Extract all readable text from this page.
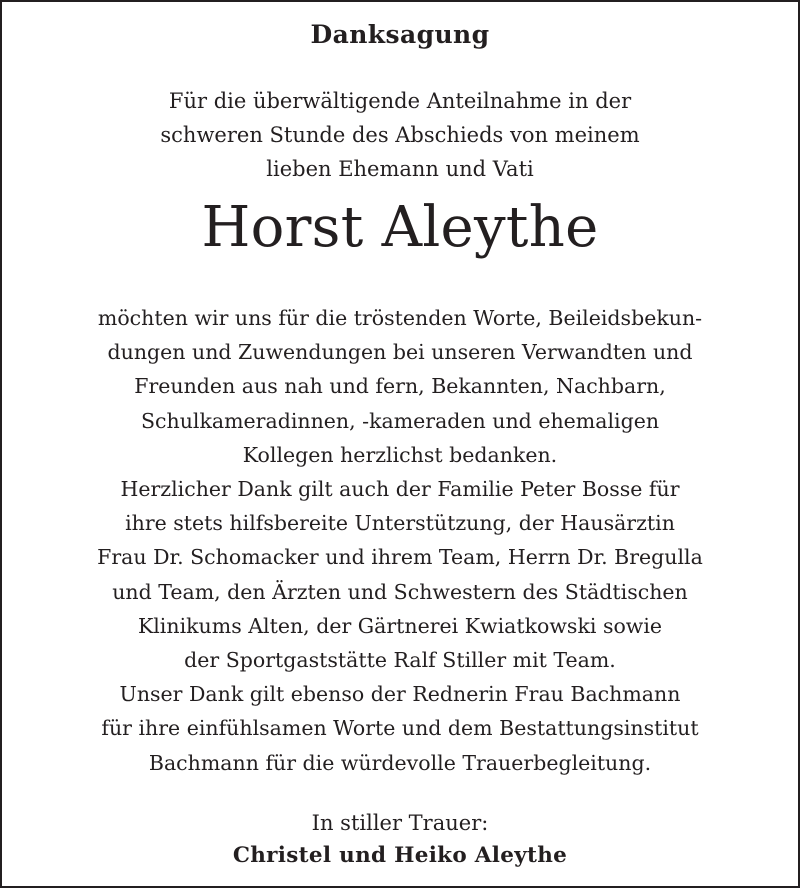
Danksagung
Für die überwältigende Anteilnahme in der
schweren Stunde des Abschieds von meinem
lieben Ehemann und Vati
Horst Aleythe
möchten wir uns für die tröstenden Worte, Beileidsbekun-
dungen und Zuwendungen bei unseren Verwandten und
Freunden aus nah und fern, Bekannten, Nachbarn,
Schulkameradinnen, -kameraden und ehemaligen
Kollegen herzlichst bedanken.
Herzlicher Dank gilt auch der Familie Peter Bosse für
ihre stets hilfsbereite Unterstützung, der Hausärztin
Frau Dr. Schomacker und ihrem Team, Herrn Dr. Bregulla
und Team, den Ärzten und Schwestern des Städtischen
Klinikums Alten, der Gärtnerei Kwiatkowski sowie
der Sportgaststätte Ralf Stiller mit Team.
Unser Dank gilt ebenso der Rednerin Frau Bachmann
für ihre einfühlsamen Worte und dem Bestattungsinstitut
Bachmann für die würdevolle Trauerbegleitung.
In stiller Trauer:
Christel und Heiko Aleythe
